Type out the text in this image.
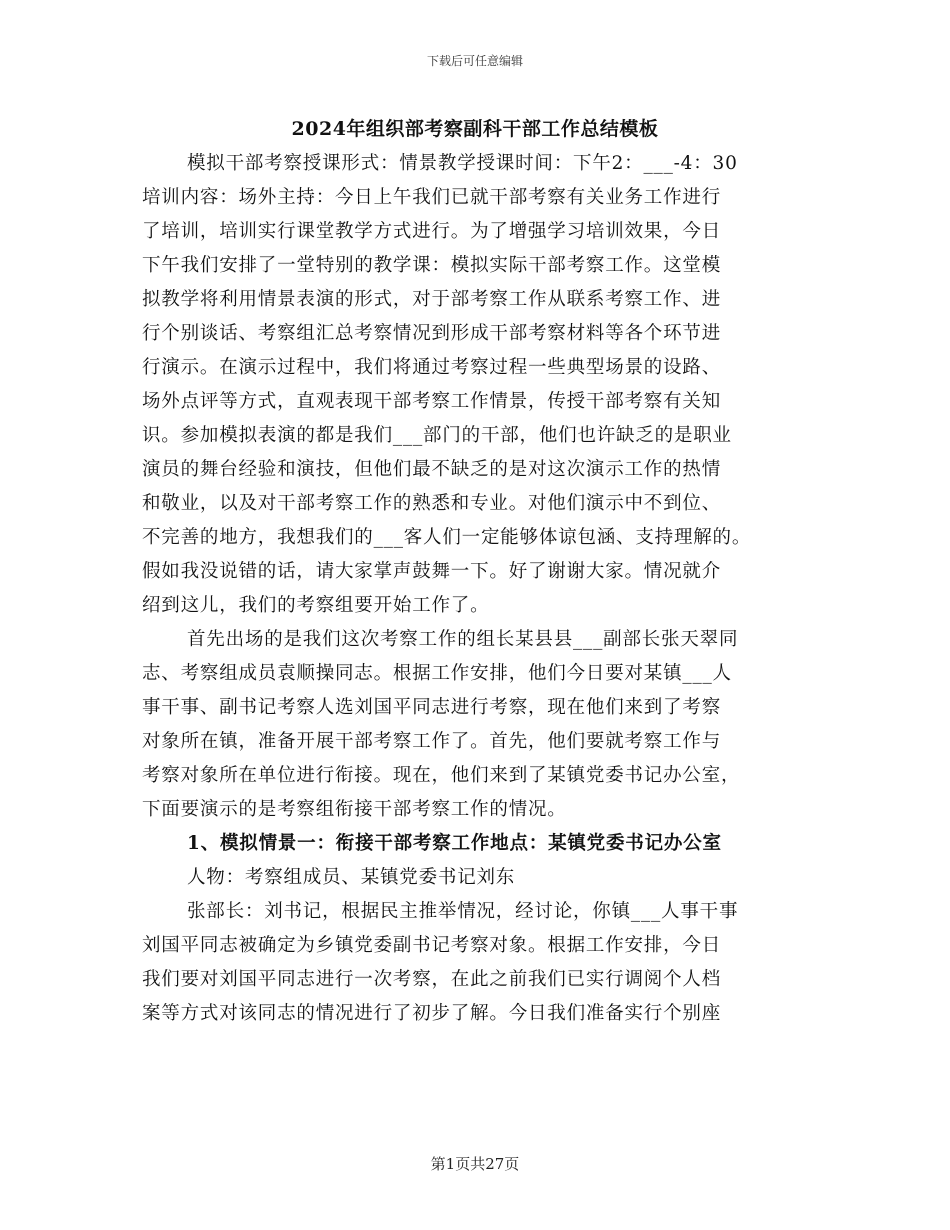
下载后可任意编辑
2024年组织部考察副科干部工作总结模板
模拟干部考察授课形式：情景教学授课时间：下午2：___-4：30
培训内容：场外主持：今日上午我们已就干部考察有关业务工作进行
了培训，培训实行课堂教学方式进行。为了增强学习培训效果，今日
下午我们安排了一堂特别的教学课：模拟实际干部考察工作。这堂模
拟教学将利用情景表演的形式，对于部考察工作从联系考察工作、进
行个别谈话、考察组汇总考察情况到形成干部考察材料等各个环节进
行演示。在演示过程中，我们将通过考察过程一些典型场景的设路、
场外点评等方式，直观表现干部考察工作情景，传授干部考察有关知
识。参加模拟表演的都是我们___部门的干部，他们也许缺乏的是职业
演员的舞台经验和演技，但他们最不缺乏的是对这次演示工作的热情
和敬业，以及对干部考察工作的熟悉和专业。对他们演示中不到位、
不完善的地方，我想我们的___客人们一定能够体谅包涵、支持理解的。
假如我没说错的话，请大家掌声鼓舞一下。好了谢谢大家。情况就介
绍到这儿，我们的考察组要开始工作了。
首先出场的是我们这次考察工作的组长某县县___副部长张天翠同
志、考察组成员袁顺操同志。根据工作安排，他们今日要对某镇___人
事干事、副书记考察人选刘国平同志进行考察，现在他们来到了考察
对象所在镇，准备开展干部考察工作了。首先，他们要就考察工作与
考察对象所在单位进行衔接。现在，他们来到了某镇党委书记办公室，
下面要演示的是考察组衔接干部考察工作的情况。
1、模拟情景一：衔接干部考察工作地点：某镇党委书记办公室
人物：考察组成员、某镇党委书记刘东
张部长：刘书记，根据民主推举情况，经讨论，你镇___人事干事
刘国平同志被确定为乡镇党委副书记考察对象。根据工作安排，今日
我们要对刘国平同志进行一次考察，在此之前我们已实行调阅个人档
案等方式对该同志的情况进行了初步了解。今日我们准备实行个别座
第1页共27页
